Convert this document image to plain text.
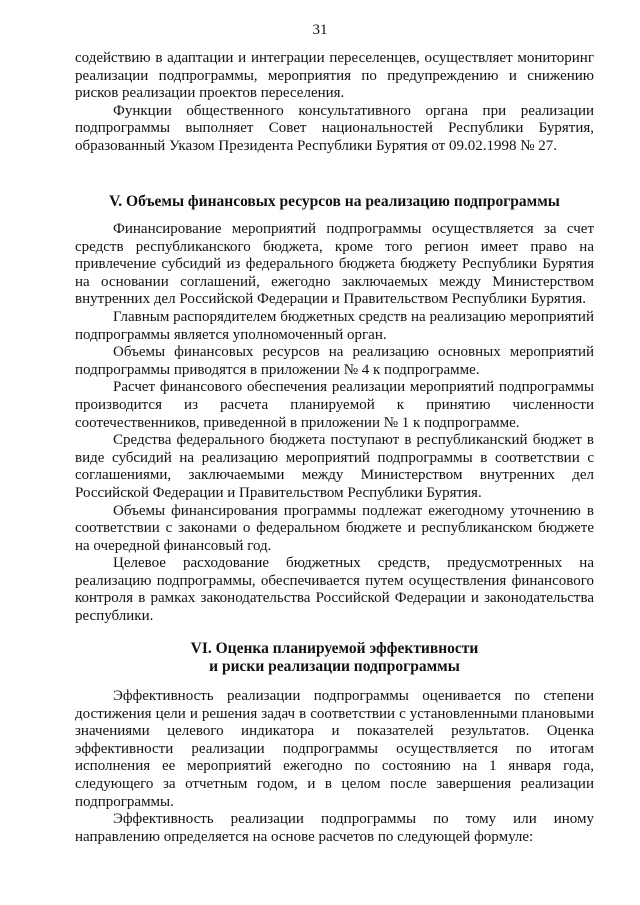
31

содействию в адаптации и интеграции переселенцев, осуществляет мониторинг реализации подпрограммы, мероприятия по предупреждению и снижению рисков реализации проектов переселения.

Функции общественного консультативного органа при реализации подпрограммы выполняет Совет национальностей Республики Бурятия, образованный Указом Президента Республики Бурятия от 09.02.1998 № 27.

V. Объемы финансовых ресурсов на реализацию подпрограммы

Финансирование мероприятий подпрограммы осуществляется за счет средств республиканского бюджета, кроме того регион имеет право на привлечение субсидий из федерального бюджета бюджету Республики Бурятия на основании соглашений, ежегодно заключаемых между Министерством внутренних дел Российской Федерации и Правительством Республики Бурятия.

Главным распорядителем бюджетных средств на реализацию мероприятий подпрограммы является уполномоченный орган.

Объемы финансовых ресурсов на реализацию основных мероприятий подпрограммы приводятся в приложении № 4 к подпрограмме.

Расчет финансового обеспечения реализации мероприятий подпрограммы производится из расчета планируемой к принятию численности соотечественников, приведенной в приложении № 1 к подпрограмме.

Средства федерального бюджета поступают в республиканский бюджет в виде субсидий на реализацию мероприятий подпрограммы в соответствии с соглашениями, заключаемыми между Министерством внутренних дел Российской Федерации и Правительством Республики Бурятия.

Объемы финансирования программы подлежат ежегодному уточнению в соответствии с законами о федеральном бюджете и республиканском бюджете на очередной финансовый год.

Целевое расходование бюджетных средств, предусмотренных на реализацию подпрограммы, обеспечивается путем осуществления финансового контроля в рамках законодательства Российской Федерации и законодательства республики.

VI. Оценка планируемой эффективности
и риски реализации подпрограммы

Эффективность реализации подпрограммы оценивается по степени достижения цели и решения задач в соответствии с установленными плановыми значениями целевого индикатора и показателей результатов. Оценка эффективности реализации подпрограммы осуществляется по итогам исполнения ее мероприятий ежегодно по состоянию на 1 января года, следующего за отчетным годом, и в целом после завершения реализации подпрограммы.

Эффективность реализации подпрограммы по тому или иному направлению определяется на основе расчетов по следующей формуле:
